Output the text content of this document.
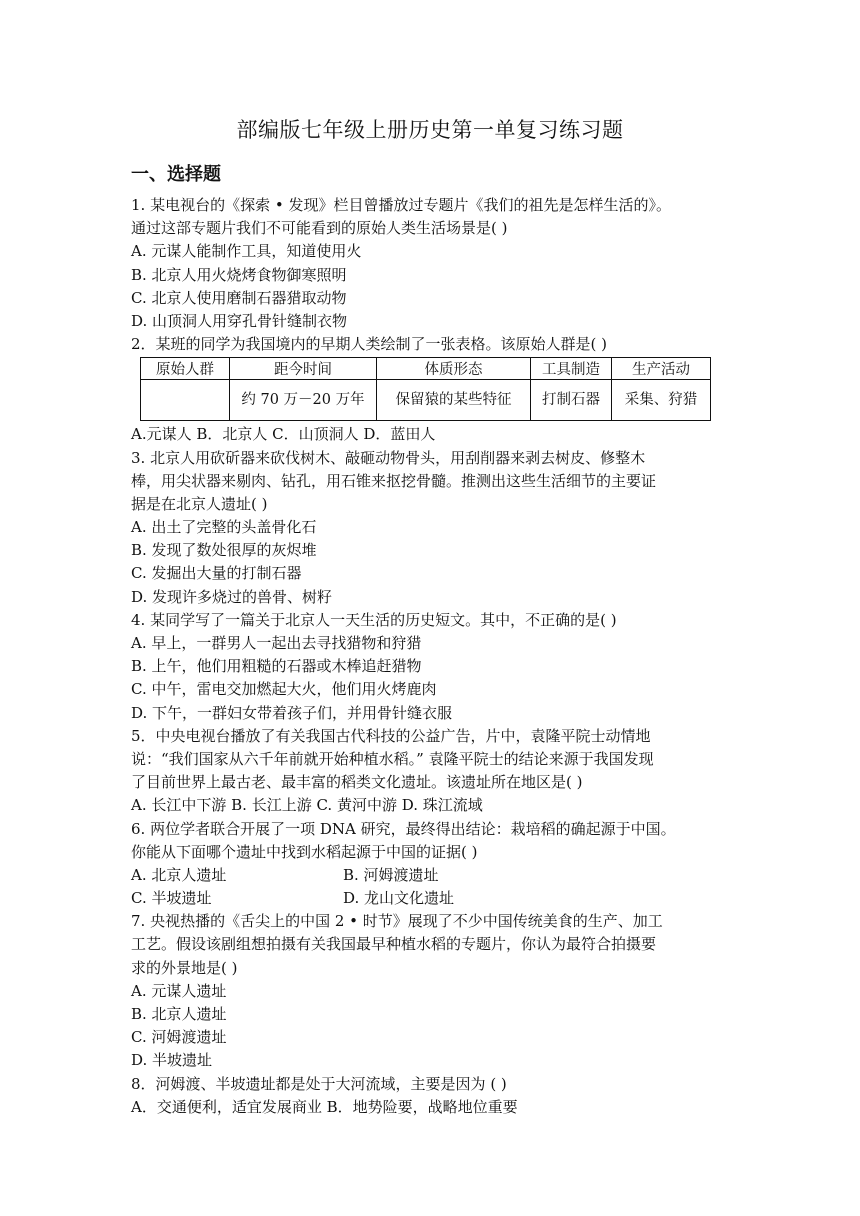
部编版七年级上册历史第一单复习练习题
一、选择题
1. 某电视台的《探索 • 发现》栏目曾播放过专题片《我们的祖先是怎样生活的》。
通过这部专题片我们不可能看到的原始人类生活场景是( )
A. 元谋人能制作工具，知道使用火
B. 北京人用火烧烤食物御寒照明
C. 北京人使用磨制石器猎取动物
D. 山顶洞人用穿孔骨针缝制衣物
2．某班的同学为我国境内的早期人类绘制了一张表格。该原始人群是( )
原始人群	距今时间	体质形态	工具制造	生产活动
	约 70 万－20 万年	保留猿的某些特征	打制石器	采集、狩猎
A.元谋人 B．北京人 C．山顶洞人 D．蓝田人
3. 北京人用砍斫器来砍伐树木、敲砸动物骨头，用刮削器来剥去树皮、修整木
棒，用尖状器来剔肉、钻孔，用石锥来抠挖骨髓。推测出这些生活细节的主要证
据是在北京人遗址( )
A. 出土了完整的头盖骨化石
B. 发现了数处很厚的灰烬堆
C. 发掘出大量的打制石器
D. 发现许多烧过的兽骨、树籽
4. 某同学写了一篇关于北京人一天生活的历史短文。其中，不正确的是( )
A. 早上，一群男人一起出去寻找猎物和狩猎
B. 上午，他们用粗糙的石器或木棒追赶猎物
C. 中午，雷电交加燃起大火，他们用火烤鹿肉
D. 下午，一群妇女带着孩子们，并用骨针缝衣服
5．中央电视台播放了有关我国古代科技的公益广告，片中，袁隆平院士动情地
说：“我们国家从六千年前就开始种植水稻。” 袁隆平院士的结论来源于我国发现
了目前世界上最古老、最丰富的稻类文化遗址。该遗址所在地区是( )
A. 长江中下游 B. 长江上游 C. 黄河中游 D. 珠江流域
6. 两位学者联合开展了一项 DNA 研究，最终得出结论：栽培稻的确起源于中国。
你能从下面哪个遗址中找到水稻起源于中国的证据( )
A. 北京人遗址	B. 河姆渡遗址
C. 半坡遗址	D. 龙山文化遗址
7. 央视热播的《舌尖上的中国 2 • 时节》展现了不少中国传统美食的生产、加工
工艺。假设该剧组想拍摄有关我国最早种植水稻的专题片，你认为最符合拍摄要
求的外景地是( )
A. 元谋人遗址
B. 北京人遗址
C. 河姆渡遗址
D. 半坡遗址
8．河姆渡、半坡遗址都是处于大河流域，主要是因为 ( )
A．交通便利，适宜发展商业 B．地势险要，战略地位重要
